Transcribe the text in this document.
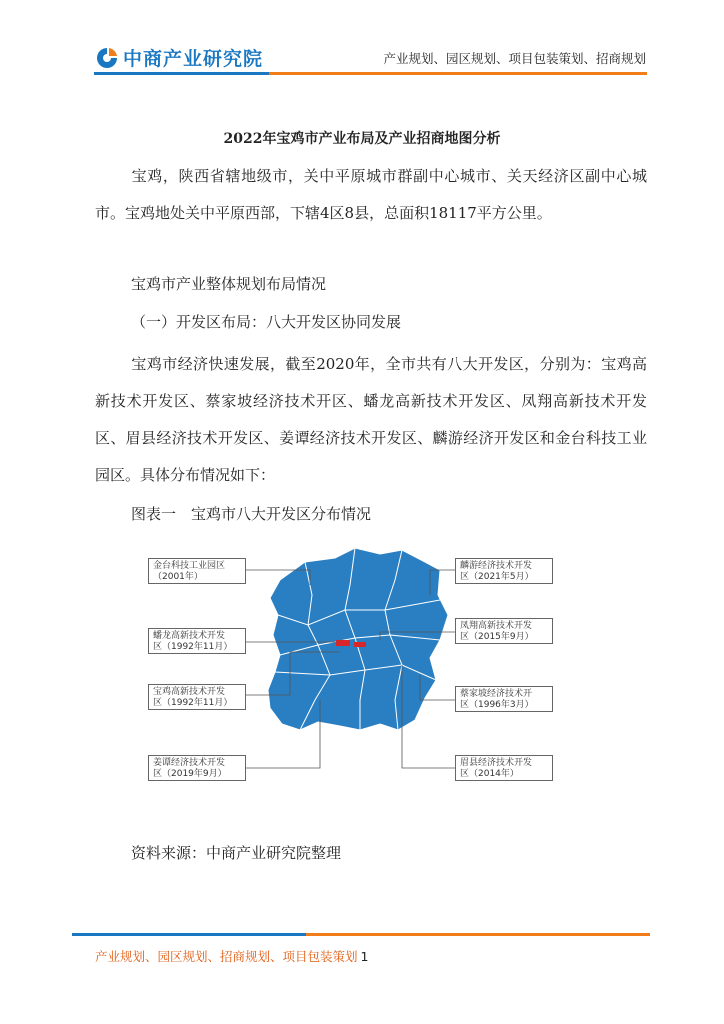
中商产业研究院	产业规划、园区规划、项目包装策划、招商规划
2022年宝鸡市产业布局及产业招商地图分析
宝鸡，陕西省辖地级市，关中平原城市群副中心城市、关天经济区副中心城市。宝鸡地处关中平原西部，下辖4区8县，总面积18117平方公里。
宝鸡市产业整体规划布局情况
（一）开发区布局：八大开发区协同发展
宝鸡市经济快速发展，截至2020年，全市共有八大开发区，分别为：宝鸡高新技术开发区、蔡家坡经济技术开区、蟠龙高新技术开发区、凤翔高新技术开发区、眉县经济技术开发区、姜谭经济技术开发区、麟游经济开发区和金台科技工业园区。具体分布情况如下：
图表一　宝鸡市八大开发区分布情况
金台科技工业园区
（2001年）
蟠龙高新技术开发
区（1992年11月）
宝鸡高新技术开发
区（1992年11月）
姜谭经济技术开发
区（2019年9月）
麟游经济技术开发
区（2021年5月）
凤翔高新技术开发
区（2015年9月）
蔡家坡经济技术开
区（1996年3月）
眉县经济技术开发
区（2014年）
资料来源：中商产业研究院整理
产业规划、园区规划、招商规划、项目包装策划 1
